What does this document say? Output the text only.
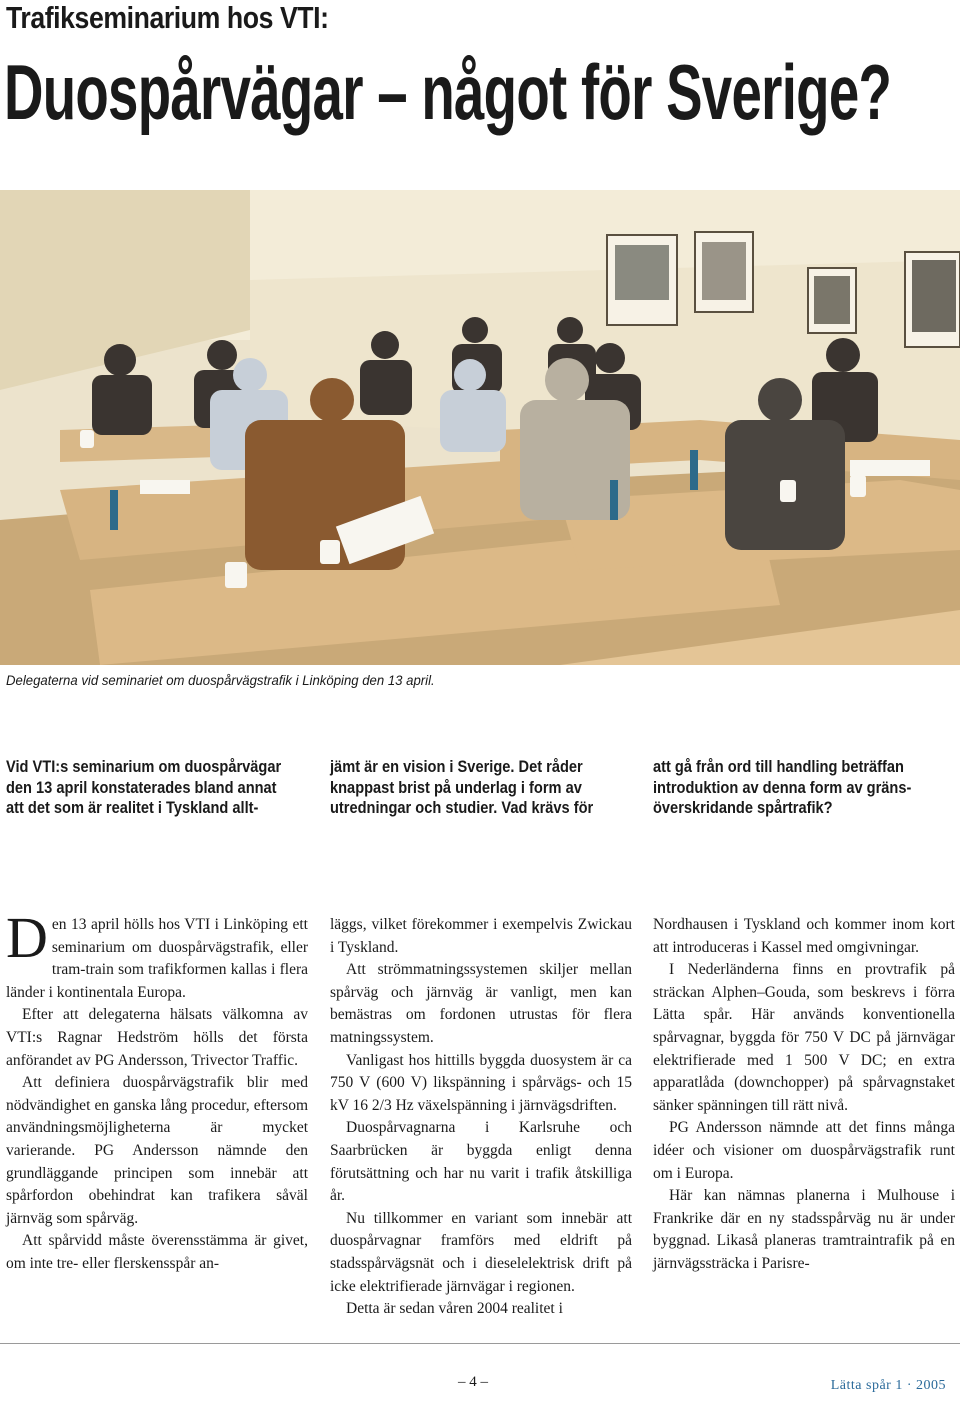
Trafikseminarium hos VTI:
Duospårvägar – något för Sverige?
Delegaterna vid seminariet om duospårvägstrafik i Linköping den 13 april.
Vid VTI:s seminarium om duospårvägar
den 13 april konstaterades bland annat
att det som är realitet i Tyskland allt-
jämt är en vision i Sverige. Det råder
knappast brist på underlag i form av
utredningar och studier. Vad krävs för
att gå från ord till handling beträffan
introduktion av denna form av gräns-
överskridande spårtrafik?

Den 13 april hölls hos VTI i Linköping ett seminarium om duospårvägstrafik, eller tram-train som trafikformen kallas i flera länder i kontinentala Europa.

Efter att delegaterna hälsats välkomna av VTI:s Ragnar Hedström hölls det första anförandet av PG Andersson, Trivector Traffic.

Att definiera duospårvägstrafik blir med nödvändighet en ganska lång procedur, eftersom användningsmöjligheterna är mycket varierande. PG Andersson nämnde den grundläggande principen som innebär att spårfordon obehindrat kan trafikera såväl järnväg som spårväg.

Att spårvidd måste överensstämma är givet, om inte tre- eller flerskensspår an-

läggs, vilket förekommer i exempelvis Zwickau i Tyskland.

Att strömmatningssystemen skiljer mellan spårväg och järnväg är vanligt, men kan bemästras om fordonen utrustas för flera matningssystem.

Vanligast hos hittills byggda duosystem är ca 750 V (600 V) likspänning i spårvägs- och 15 kV 16 2/3 Hz växelspänning i järnvägsdriften.

Duospårvagnarna i Karlsruhe och Saarbrücken är byggda enligt denna förutsättning och har nu varit i trafik åtskilliga år.

Nu tillkommer en variant som innebär att duospårvagnar framförs med eldrift på stadsspårvägsnät och i dieselelektrisk drift på icke elektrifierade järnvägar i regionen.

Detta är sedan våren 2004 realitet i

Nordhausen i Tyskland och kommer inom kort att introduceras i Kassel med omgivningar.

I Nederländerna finns en provtrafik på sträckan Alphen–Gouda, som beskrevs i förra Lätta spår. Här används konventionella spårvagnar, byggda för 750 V DC på järnvägar elektrifierade med 1 500 V DC; en extra apparatlåda (downchopper) på spårvagnstaket sänker spänningen till rätt nivå.

PG Andersson nämnde att det finns många idéer och visioner om duospårvägstrafik runt om i Europa.

Här kan nämnas planerna i Mulhouse i Frankrike där en ny stadsspårväg nu är under byggnad. Likaså planeras tramtraintrafik på en järnvägssträcka i Parisre-

– 4 –	Lätta spår 1 · 2005
